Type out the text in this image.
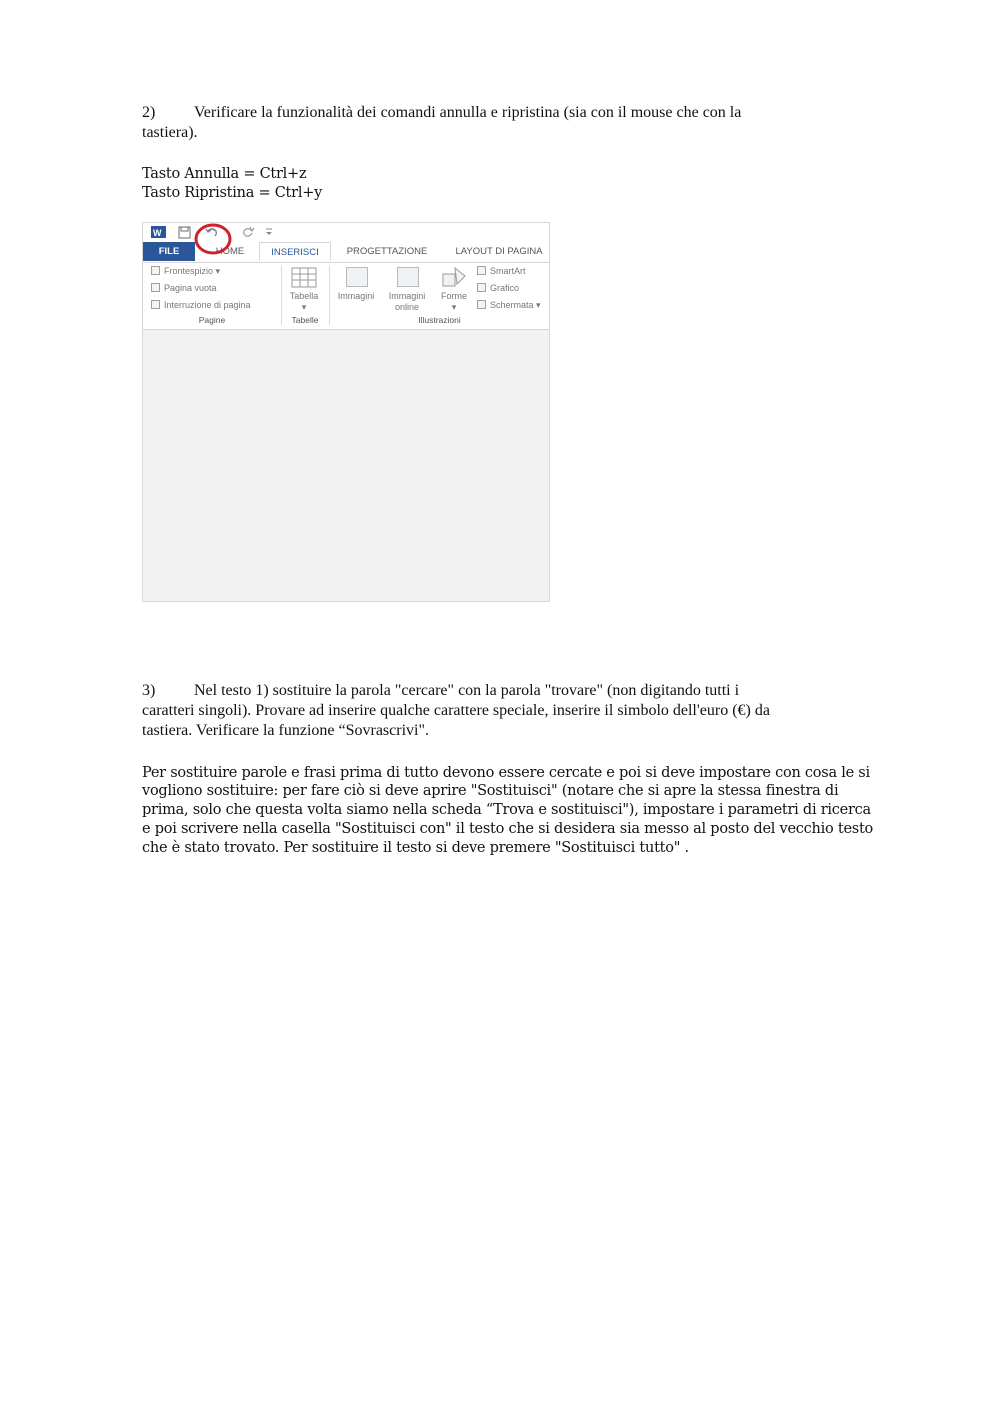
2) Verificare la funzionalità dei comandi annulla e ripristina (sia con il mouse che con la
tastiera).
Tasto Annulla = Ctrl+z
Tasto Ripristina = Ctrl+y
W
FILE	HOME	INSERISCI	PROGETTAZIONE	LAYOUT DI PAGINA
Frontespizio ▾
Pagina vuota
Interruzione di pagina
Pagine
Tabella
▾
Tabelle
Immagini	Immagini
online
Forme
▾
SmartArt
Grafico
Schermata ▾
Illustrazioni
3) Nel testo 1) sostituire la parola "cercare" con la parola "trovare" (non digitando tutti i
caratteri singoli). Provare ad inserire qualche carattere speciale, inserire il simbolo dell'euro (€) da
tastiera. Verificare la funzione “Sovrascrivi".
Per sostituire parole e frasi prima di tutto devono essere cercate e poi si deve impostare con cosa le si
vogliono sostituire: per fare ciò si deve aprire "Sostituisci" (notare che si apre la stessa finestra di
prima, solo che questa volta siamo nella scheda “Trova e sostituisci"), impostare i parametri di ricerca
e poi scrivere nella casella "Sostituisci con" il testo che si desidera sia messo al posto del vecchio testo
che è stato trovato. Per sostituire il testo si deve premere "Sostituisci tutto" .
